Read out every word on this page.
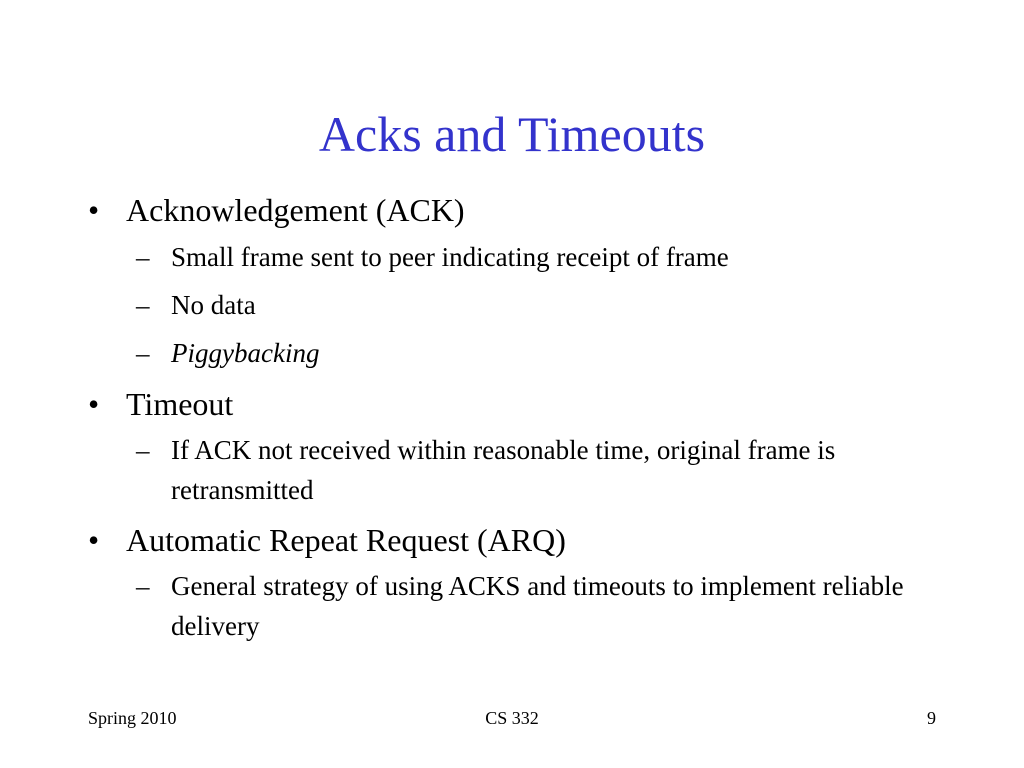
Acks and Timeouts
• Acknowledgement (ACK)
– Small frame sent to peer indicating receipt of frame
– No data
– Piggybacking
• Timeout
– If ACK not received within reasonable time, original frame is retransmitted
• Automatic Repeat Request (ARQ)
– General strategy of using ACKS and timeouts to implement reliable delivery
Spring 2010	CS 332	9
